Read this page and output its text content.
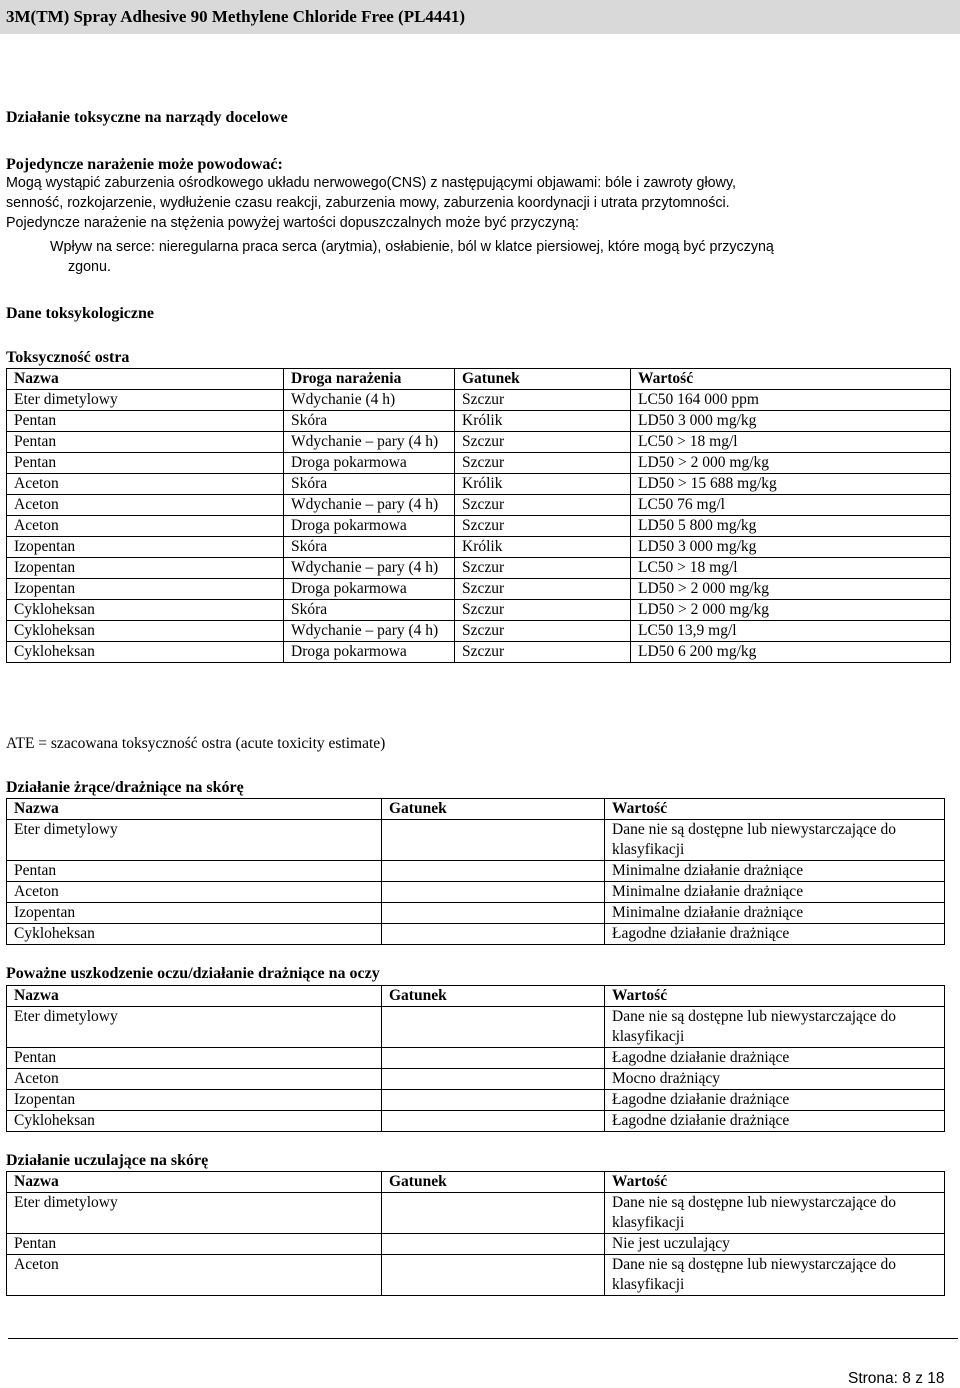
3M(TM) Spray Adhesive 90 Methylene Chloride Free (PL4441)
Działanie toksyczne na narządy docelowe
Pojedyncze narażenie może powodować:
Mogą wystąpić zaburzenia ośrodkowego układu nerwowego(CNS) z następującymi objawami: bóle i zawroty głowy,
senność, rozkojarzenie, wydłużenie czasu reakcji, zaburzenia mowy, zaburzenia koordynacji i utrata przytomności.
Pojedyncze narażenie na stężenia powyżej wartości dopuszczalnych może być przyczyną:
Wpływ na serce: nieregularna praca serca (arytmia), osłabienie, ból w klatce piersiowej, które mogą być przyczyną
zgonu.
Dane toksykologiczne
Toksyczność ostra
Nazwa	Droga narażenia	Gatunek	Wartość
Eter dimetylowy	Wdychanie (4 h)	Szczur	LC50 164 000 ppm
Pentan	Skóra	Królik	LD50 3 000 mg/kg
Pentan	Wdychanie – pary (4 h)	Szczur	LC50 > 18 mg/l
Pentan	Droga pokarmowa	Szczur	LD50 > 2 000 mg/kg
Aceton	Skóra	Królik	LD50 > 15 688 mg/kg
Aceton	Wdychanie – pary (4 h)	Szczur	LC50 76 mg/l
Aceton	Droga pokarmowa	Szczur	LD50 5 800 mg/kg
Izopentan	Skóra	Królik	LD50 3 000 mg/kg
Izopentan	Wdychanie – pary (4 h)	Szczur	LC50 > 18 mg/l
Izopentan	Droga pokarmowa	Szczur	LD50 > 2 000 mg/kg
Cykloheksan	Skóra	Szczur	LD50 > 2 000 mg/kg
Cykloheksan	Wdychanie – pary (4 h)	Szczur	LC50 13,9 mg/l
Cykloheksan	Droga pokarmowa	Szczur	LD50 6 200 mg/kg
ATE = szacowana toksyczność ostra (acute toxicity estimate)
Działanie żrące/drażniące na skórę
Nazwa	Gatunek	Wartość
Eter dimetylowy		Dane nie są dostępne lub niewystarczające do klasyfikacji
Pentan		Minimalne działanie drażniące
Aceton		Minimalne działanie drażniące
Izopentan		Minimalne działanie drażniące
Cykloheksan		Łagodne działanie drażniące
Poważne uszkodzenie oczu/działanie drażniące na oczy
Nazwa	Gatunek	Wartość
Eter dimetylowy		Dane nie są dostępne lub niewystarczające do klasyfikacji
Pentan		Łagodne działanie drażniące
Aceton		Mocno drażniący
Izopentan		Łagodne działanie drażniące
Cykloheksan		Łagodne działanie drażniące
Działanie uczulające na skórę
Nazwa	Gatunek	Wartość
Eter dimetylowy		Dane nie są dostępne lub niewystarczające do klasyfikacji
Pentan		Nie jest uczulający
Aceton		Dane nie są dostępne lub niewystarczające do klasyfikacji
Strona: 8 z 18
